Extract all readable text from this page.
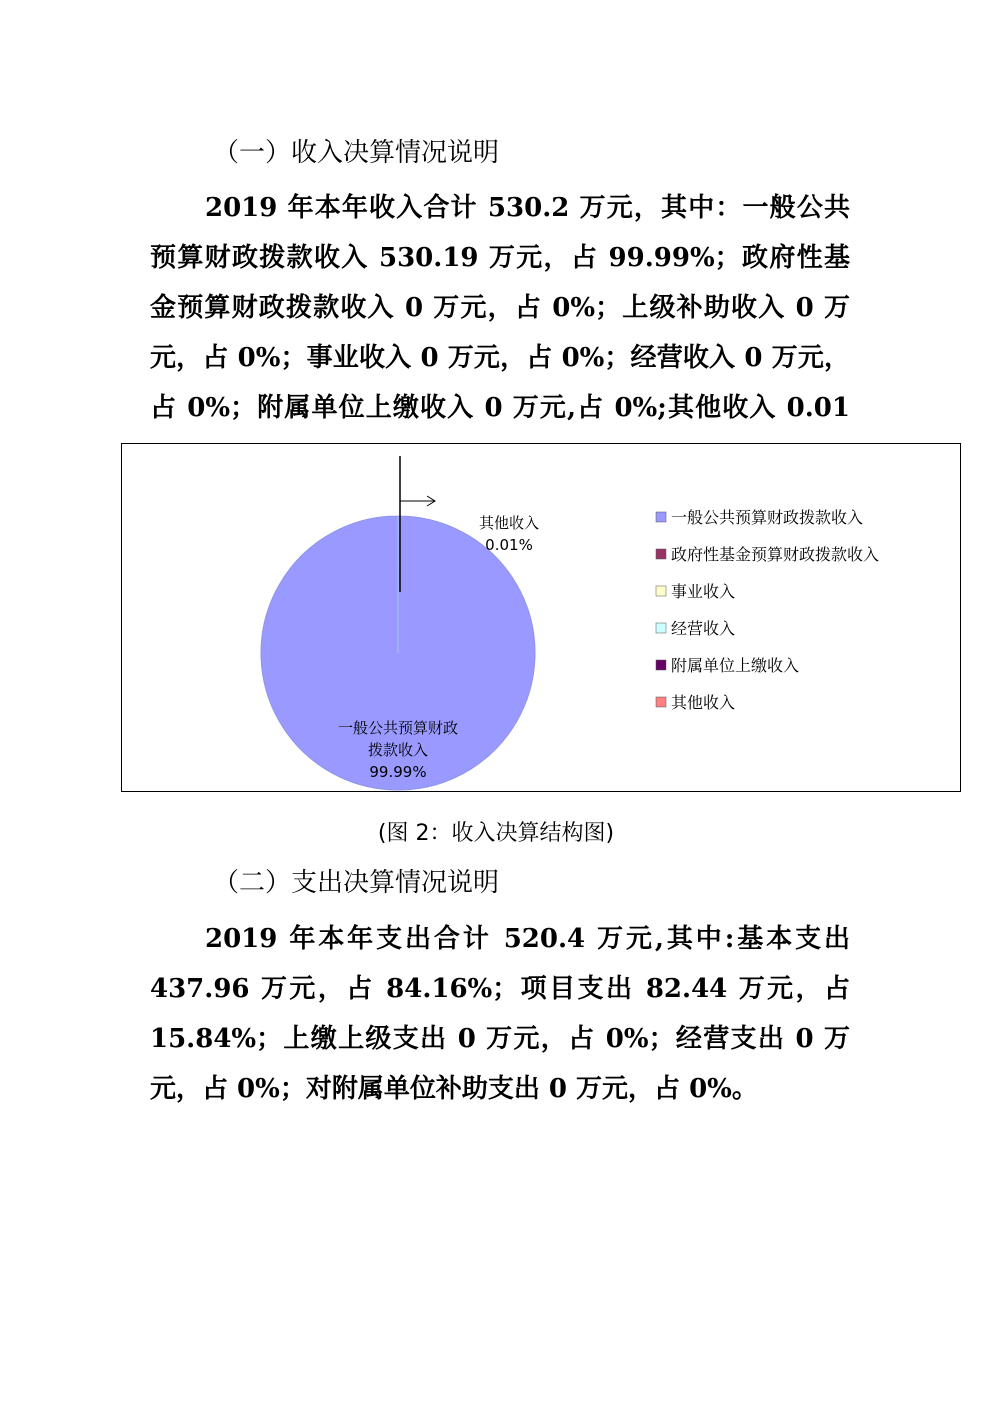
（一）收入决算情况说明
2019 年本年收入合计 530.2 万元，其中：一般公共预算财政拨款收入 530.19 万元，占 99.99%；政府性基金预算财政拨款收入 0 万元，占 0%；上级补助收入 0 万元，占 0%；事业收入 0 万元，占 0%；经营收入 0 万元，占 0%；附属单位上缴收入 0 万元,占 0%;其他收入 0.01
其他收入
0.01%
一般公共预算财政
拨款收入
99.99%
一般公共预算财政拨款收入
政府性基金预算财政拨款收入
事业收入
经营收入
附属单位上缴收入
其他收入
(图 2：收入决算结构图)
（二）支出决算情况说明
2019 年本年支出合计 520.4 万元,其中:基本支出 437.96 万元，占 84.16%；项目支出 82.44 万元，占 15.84%；上缴上级支出 0 万元，占 0%；经营支出 0 万元，占 0%；对附属单位补助支出 0 万元，占 0%。
